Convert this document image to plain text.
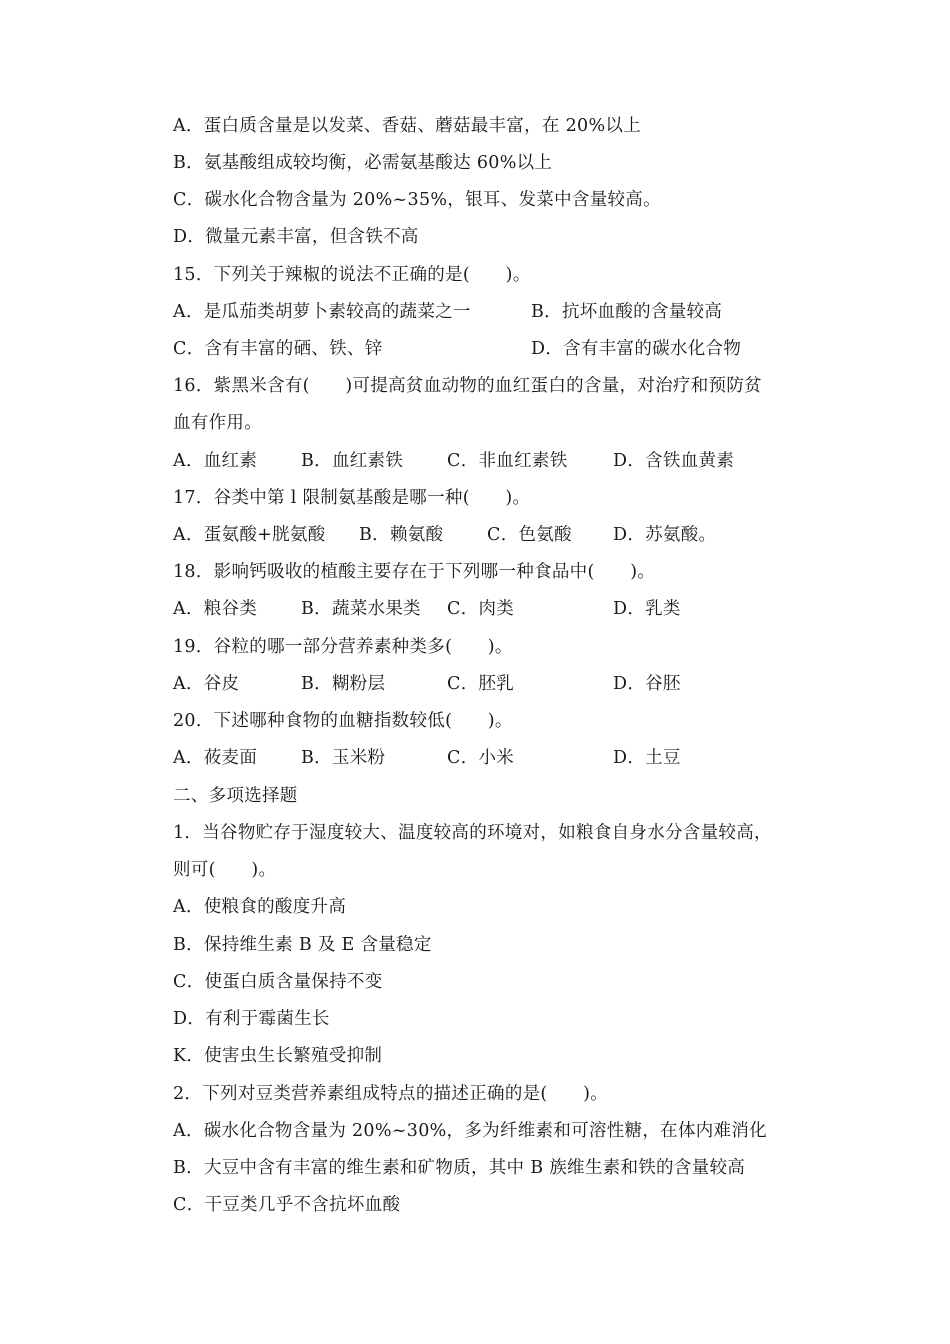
A．蛋白质含量是以发菜、香菇、蘑菇最丰富，在 20%以上
B．氨基酸组成较均衡，必需氨基酸达 60%以上
C．碳水化合物含量为 20%~35%，银耳、发菜中含量较高。
D．微量元素丰富，但含铁不高
15．下列关于辣椒的说法不正确的是(　　)。
A．是瓜茄类胡萝卜素较高的蔬菜之一	B．抗坏血酸的含量较高
C．含有丰富的硒、铁、锌	D．含有丰富的碳水化合物
16．紫黑米含有(　　)可提高贫血动物的血红蛋白的含量，对治疗和预防贫
血有作用。
A．血红素	B．血红素铁	C．非血红素铁	D．含铁血黄素
17．谷类中第 l 限制氨基酸是哪一种(　　)。
A．蛋氨酸+胱氨酸 B．赖氨酸 C．色氨酸 D．苏氨酸。
18．影响钙吸收的植酸主要存在于下列哪一种食品中(　　)。
A．粮谷类	B．蔬菜水果类 C．肉类	D．乳类
19．谷粒的哪一部分营养素种类多(　　)。
A．谷皮	B．糊粉层	C．胚乳	D．谷胚
20．下述哪种食物的血糖指数较低(　　)。
A．莜麦面	B．玉米粉	C．小米	D．土豆
二、多项选择题
1．当谷物贮存于湿度较大、温度较高的环境对，如粮食自身水分含量较高，
则可(　　)。
A．使粮食的酸度升高
B．保持维生素 B 及 E 含量稳定
C．使蛋白质含量保持不变
D．有利于霉菌生长
K．使害虫生长繁殖受抑制
2．下列对豆类营养素组成特点的描述正确的是(　　)。
A．碳水化合物含量为 20%~30%，多为纤维素和可溶性糖，在体内难消化
B．大豆中含有丰富的维生素和矿物质，其中 B 族维生素和铁的含量较高
C．干豆类几乎不含抗坏血酸
